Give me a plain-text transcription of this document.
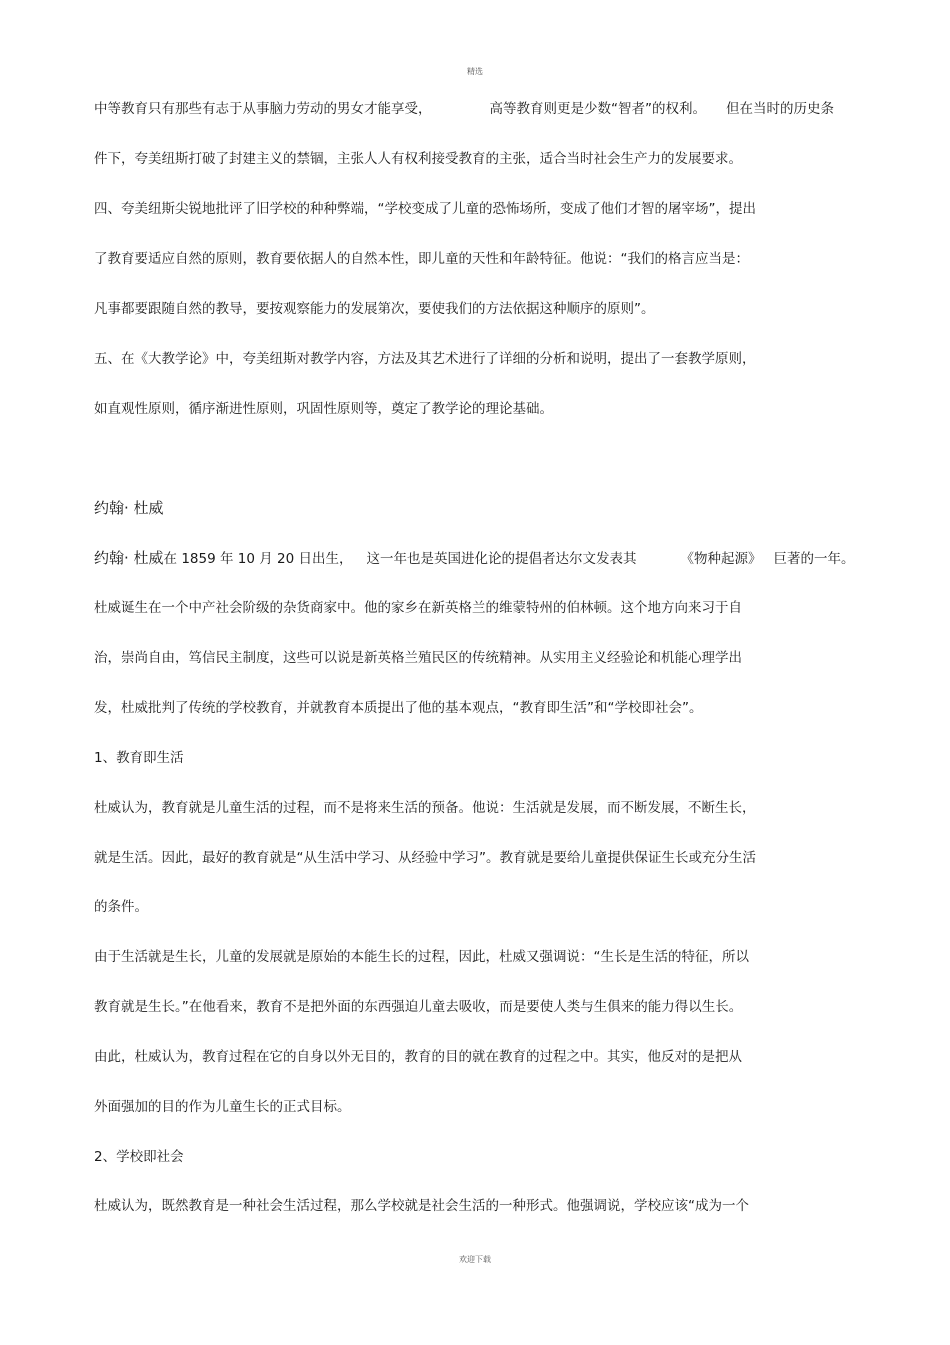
精选
中等教育只有那些有志于从事脑力劳动的男女才能享受，	高等教育则更是少数“智者”的权利。 但在当时的历史条
件下，夸美纽斯打破了封建主义的禁锢，主张人人有权利接受教育的主张，适合当时社会生产力的发展要求。
四、夸美纽斯尖锐地批评了旧学校的种种弊端，“学校变成了儿童的恐怖场所，变成了他们才智的屠宰场”，提出
了教育要适应自然的原则，教育要依据人的自然本性，即儿童的天性和年龄特征。他说：“我们的格言应当是：
凡事都要跟随自然的教导，要按观察能力的发展第次，要使我们的方法依据这种顺序的原则”。
五、在《大教学论》中，夸美纽斯对教学内容，方法及其艺术进行了详细的分析和说明，提出了一套教学原则，
如直观性原则，循序渐进性原则，巩固性原则等，奠定了教学论的理论基础。
约翰· 杜威
约翰· 杜威在 1859 年 10 月 20 日出生， 这一年也是英国进化论的提倡者达尔文发表其	《物种起源》 巨著的一年。
杜威诞生在一个中产社会阶级的杂货商家中。他的家乡在新英格兰的维蒙特州的伯林顿。这个地方向来习于自
治，崇尚自由，笃信民主制度，这些可以说是新英格兰殖民区的传统精神。从实用主义经验论和机能心理学出
发，杜威批判了传统的学校教育，并就教育本质提出了他的基本观点，“教育即生活”和“学校即社会”。
1、教育即生活
杜威认为，教育就是儿童生活的过程，而不是将来生活的预备。他说：生活就是发展，而不断发展，不断生长，
就是生活。因此，最好的教育就是“从生活中学习、从经验中学习”。教育就是要给儿童提供保证生长或充分生活
的条件。
由于生活就是生长，儿童的发展就是原始的本能生长的过程，因此，杜威又强调说：“生长是生活的特征，所以
教育就是生长。”在他看来，教育不是把外面的东西强迫儿童去吸收，而是要使人类与生俱来的能力得以生长。
由此，杜威认为，教育过程在它的自身以外无目的，教育的目的就在教育的过程之中。其实，他反对的是把从
外面强加的目的作为儿童生长的正式目标。
2、学校即社会
杜威认为，既然教育是一种社会生活过程，那么学校就是社会生活的一种形式。他强调说，学校应该“成为一个
欢迎下载
